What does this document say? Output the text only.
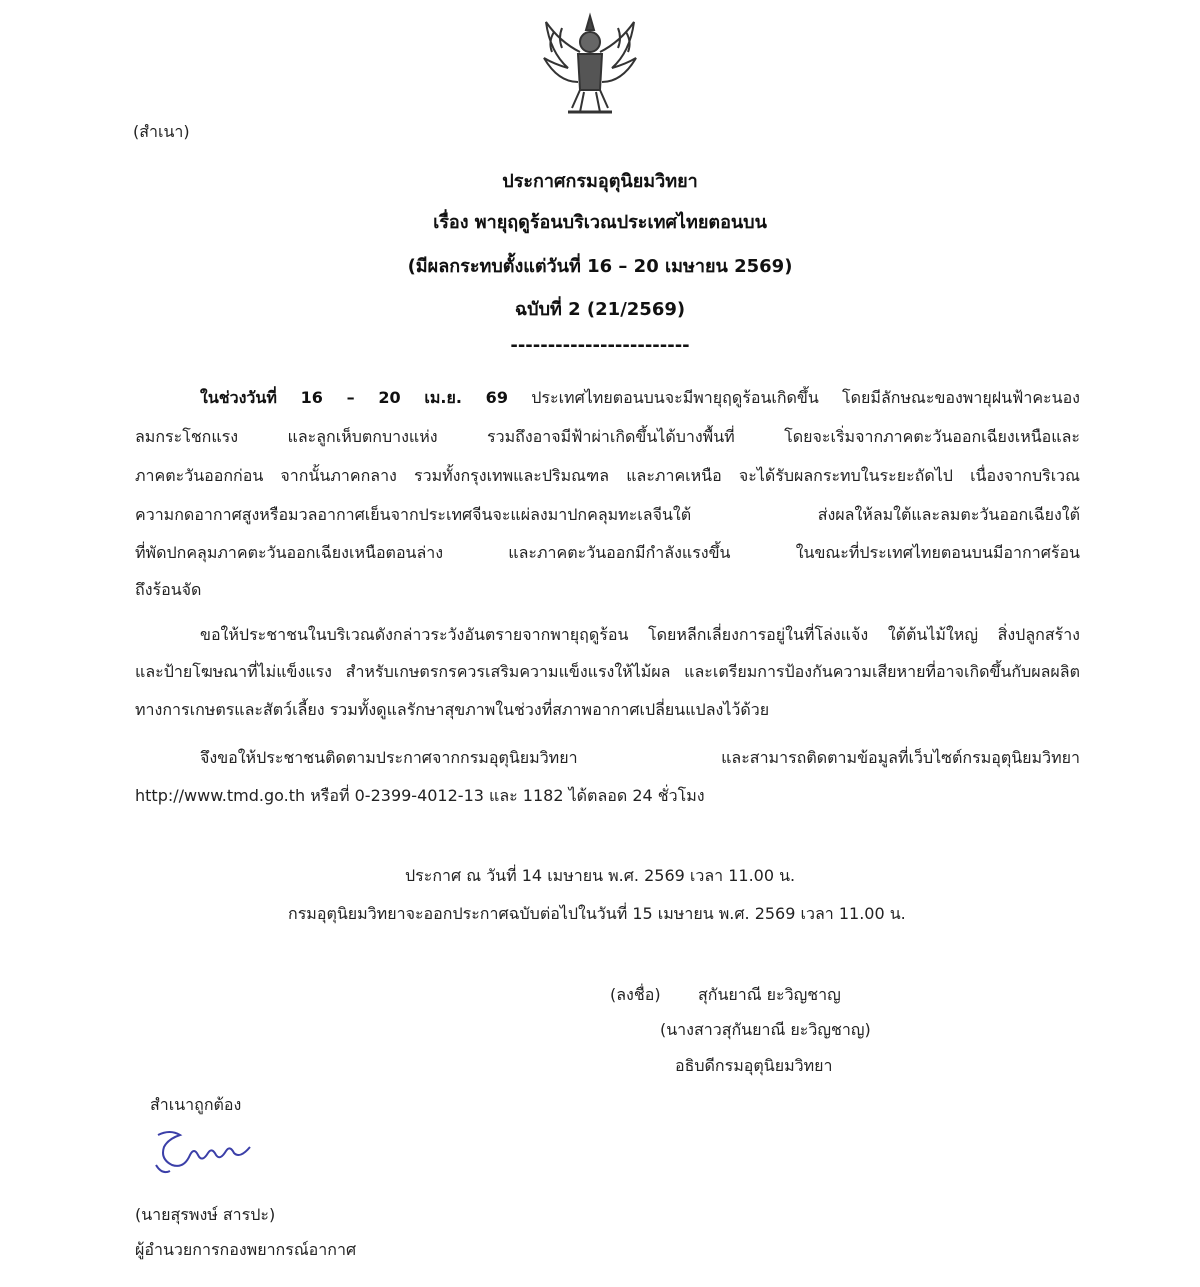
(สำเนา)
ประกาศกรมอุตุนิยมวิทยา
เรื่อง พายุฤดูร้อนบริเวณประเทศไทยตอนบน
(มีผลกระทบตั้งแต่วันที่ 16 – 20 เมษายน 2569)
ฉบับที่ 2 (21/2569)
------------------------
ในช่วงวันที่ 16 – 20 เม.ย. 69 ประเทศไทยตอนบนจะมีพายุฤดูร้อนเกิดขึ้น โดยมีลักษณะของพายุฝนฟ้าคะนอง
ลมกระโชกแรง และลูกเห็บตกบางแห่ง รวมถึงอาจมีฟ้าผ่าเกิดขึ้นได้บางพื้นที่ โดยจะเริ่มจากภาคตะวันออกเฉียงเหนือและ
ภาคตะวันออกก่อน จากนั้นภาคกลาง รวมทั้งกรุงเทพและปริมณฑล และภาคเหนือ จะได้รับผลกระทบในระยะถัดไป เนื่องจากบริเวณ
ความกดอากาศสูงหรือมวลอากาศเย็นจากประเทศจีนจะแผ่ลงมาปกคลุมทะเลจีนใต้ ส่งผลให้ลมใต้และลมตะวันออกเฉียงใต้
ที่พัดปกคลุมภาคตะวันออกเฉียงเหนือตอนล่าง และภาคตะวันออกมีกำลังแรงขึ้น ในขณะที่ประเทศไทยตอนบนมีอากาศร้อน
ถึงร้อนจัด
ขอให้ประชาชนในบริเวณดังกล่าวระวังอันตรายจากพายุฤดูร้อน โดยหลีกเลี่ยงการอยู่ในที่โล่งแจ้ง ใต้ต้นไม้ใหญ่ สิ่งปลูกสร้าง
และป้ายโฆษณาที่ไม่แข็งแรง สำหรับเกษตรกรควรเสริมความแข็งแรงให้ไม้ผล และเตรียมการป้องกันความเสียหายที่อาจเกิดขึ้นกับผลผลิต
ทางการเกษตรและสัตว์เลี้ยง รวมทั้งดูแลรักษาสุขภาพในช่วงที่สภาพอากาศเปลี่ยนแปลงไว้ด้วย
จึงขอให้ประชาชนติดตามประกาศจากกรมอุตุนิยมวิทยา และสามารถติดตามข้อมูลที่เว็บไซต์กรมอุตุนิยมวิทยา
http://www.tmd.go.th หรือที่ 0-2399-4012-13 และ 1182 ได้ตลอด 24 ชั่วโมง
ประกาศ ณ วันที่ 14 เมษายน พ.ศ. 2569 เวลา 11.00 น.
กรมอุตุนิยมวิทยาจะออกประกาศฉบับต่อไปในวันที่ 15 เมษายน พ.ศ. 2569 เวลา 11.00 น.
(ลงชื่อ) สุกันยาณี ยะวิญชาญ
(นางสาวสุกันยาณี ยะวิญชาญ)
อธิบดีกรมอุตุนิยมวิทยา
สำเนาถูกต้อง
(นายสุรพงษ์ สารปะ)
ผู้อำนวยการกองพยากรณ์อากาศ
